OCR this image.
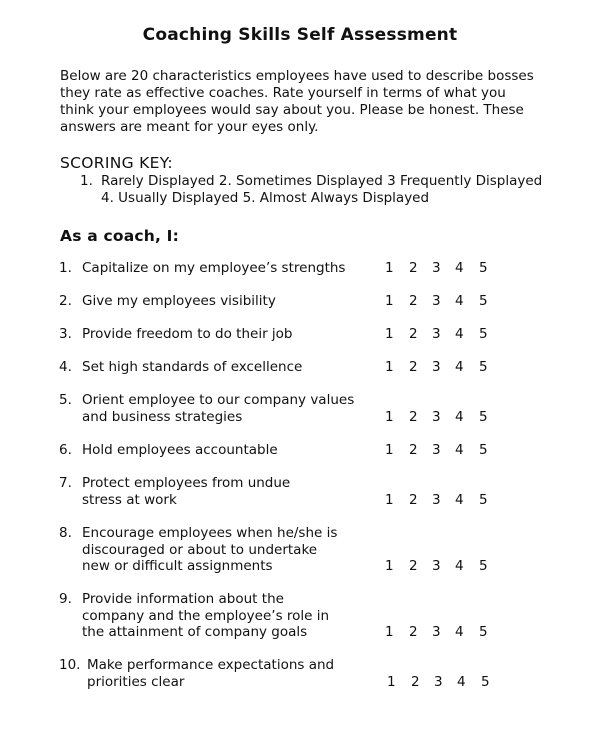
Coaching Skills Self Assessment
Below are 20 characteristics employees have used to describe bosses
they rate as effective coaches. Rate yourself in terms of what you
think your employees would say about you. Please be honest. These
answers are meant for your eyes only.
SCORING KEY:
1. Rarely Displayed 2. Sometimes Displayed 3 Frequently Displayed 4. Usually Displayed 5. Almost Always Displayed
As a coach, I:
1. Capitalize on my employee’s strengths	1 2 3 4 5
2. Give my employees visibility	1 2 3 4 5
3. Provide freedom to do their job	1 2 3 4 5
4. Set high standards of excellence	1 2 3 4 5
5. Orient employee to our company values
and business strategies	1 2 3 4 5
6. Hold employees accountable	1 2 3 4 5
7. Protect employees from undue
stress at work	1 2 3 4 5
8. Encourage employees when he/she is
discouraged or about to undertake
new or difficult assignments	1 2 3 4 5
9. Provide information about the
company and the employee’s role in
the attainment of company goals	1 2 3 4 5
10. Make performance expectations and
priorities clear	1 2 3 4 5
